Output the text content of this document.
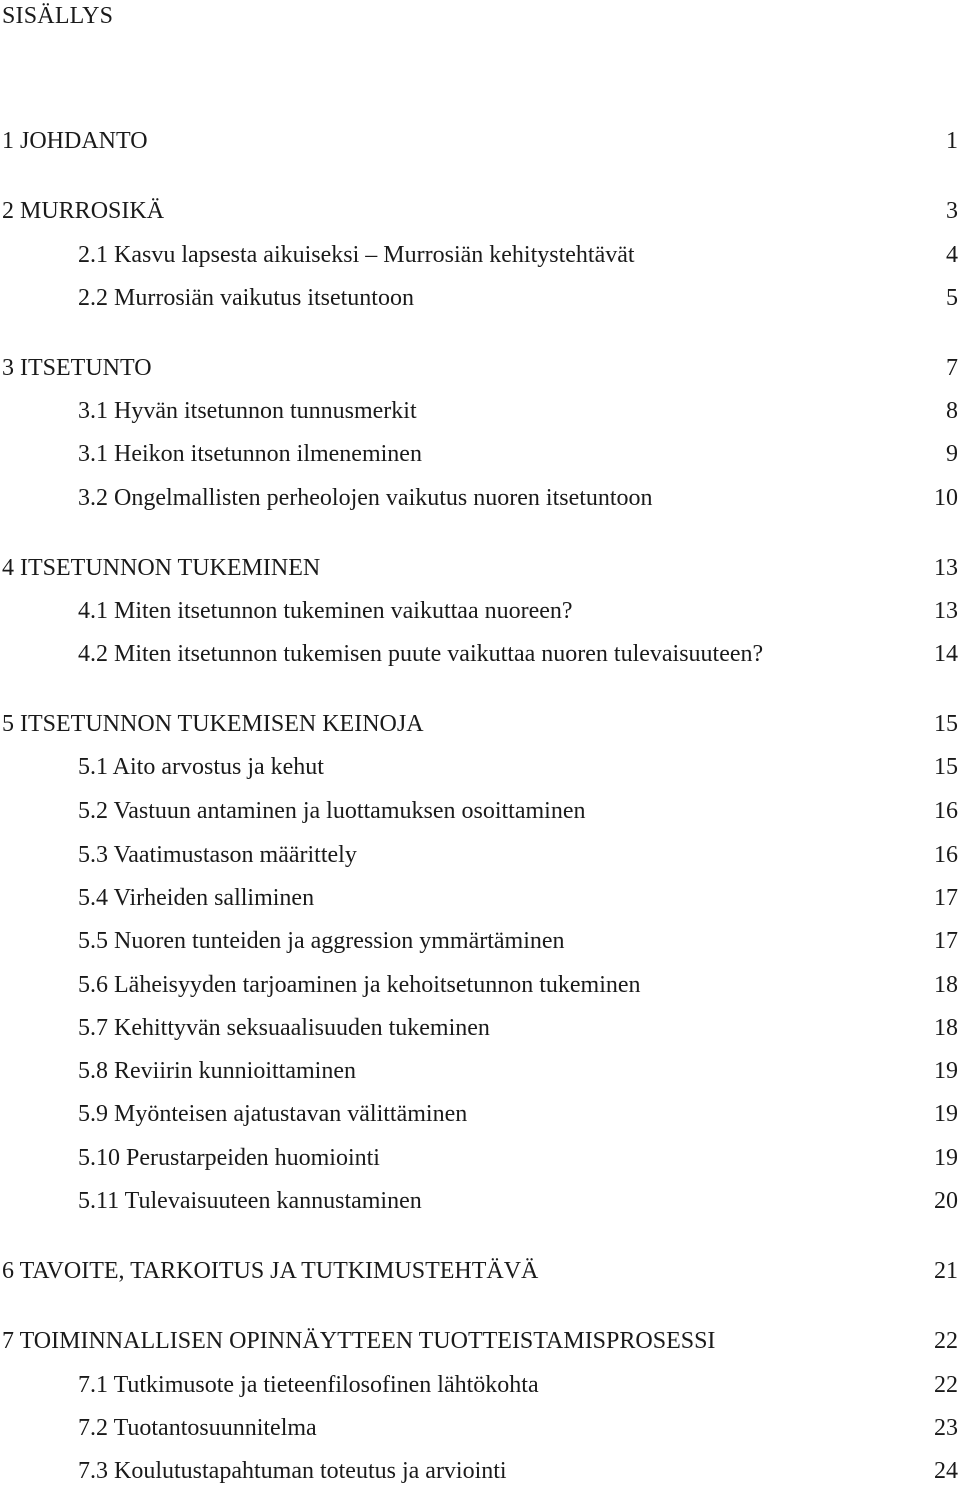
SISÄLLYS
1 JOHDANTO	1
2 MURROSIKÄ	3
2.1 Kasvu lapsesta aikuiseksi – Murrosiän kehitystehtävät	4
2.2 Murrosiän vaikutus itsetuntoon	5
3 ITSETUNTO	7
3.1 Hyvän itsetunnon tunnusmerkit	8
3.1 Heikon itsetunnon ilmeneminen	9
3.2 Ongelmallisten perheolojen vaikutus nuoren itsetuntoon	10
4 ITSETUNNON TUKEMINEN	13
4.1 Miten itsetunnon tukeminen vaikuttaa nuoreen?	13
4.2 Miten itsetunnon tukemisen puute vaikuttaa nuoren tulevaisuuteen?	14
5 ITSETUNNON TUKEMISEN KEINOJA	15
5.1 Aito arvostus ja kehut	15
5.2 Vastuun antaminen ja luottamuksen osoittaminen	16
5.3 Vaatimustason määrittely	16
5.4 Virheiden salliminen	17
5.5 Nuoren tunteiden ja aggression ymmärtäminen	17
5.6 Läheisyyden tarjoaminen ja kehoitsetunnon tukeminen	18
5.7 Kehittyvän seksuaalisuuden tukeminen	18
5.8 Reviirin kunnioittaminen	19
5.9 Myönteisen ajatustavan välittäminen	19
5.10 Perustarpeiden huomiointi	19
5.11 Tulevaisuuteen kannustaminen	20
6 TAVOITE, TARKOITUS JA TUTKIMUSTEHTÄVÄ	21
7 TOIMINNALLISEN OPINNÄYTTEEN TUOTTEISTAMISPROSESSI	22
7.1 Tutkimusote ja tieteenfilosofinen lähtökohta	22
7.2 Tuotantosuunnitelma	23
7.3 Koulutustapahtuman toteutus ja arviointi	24
